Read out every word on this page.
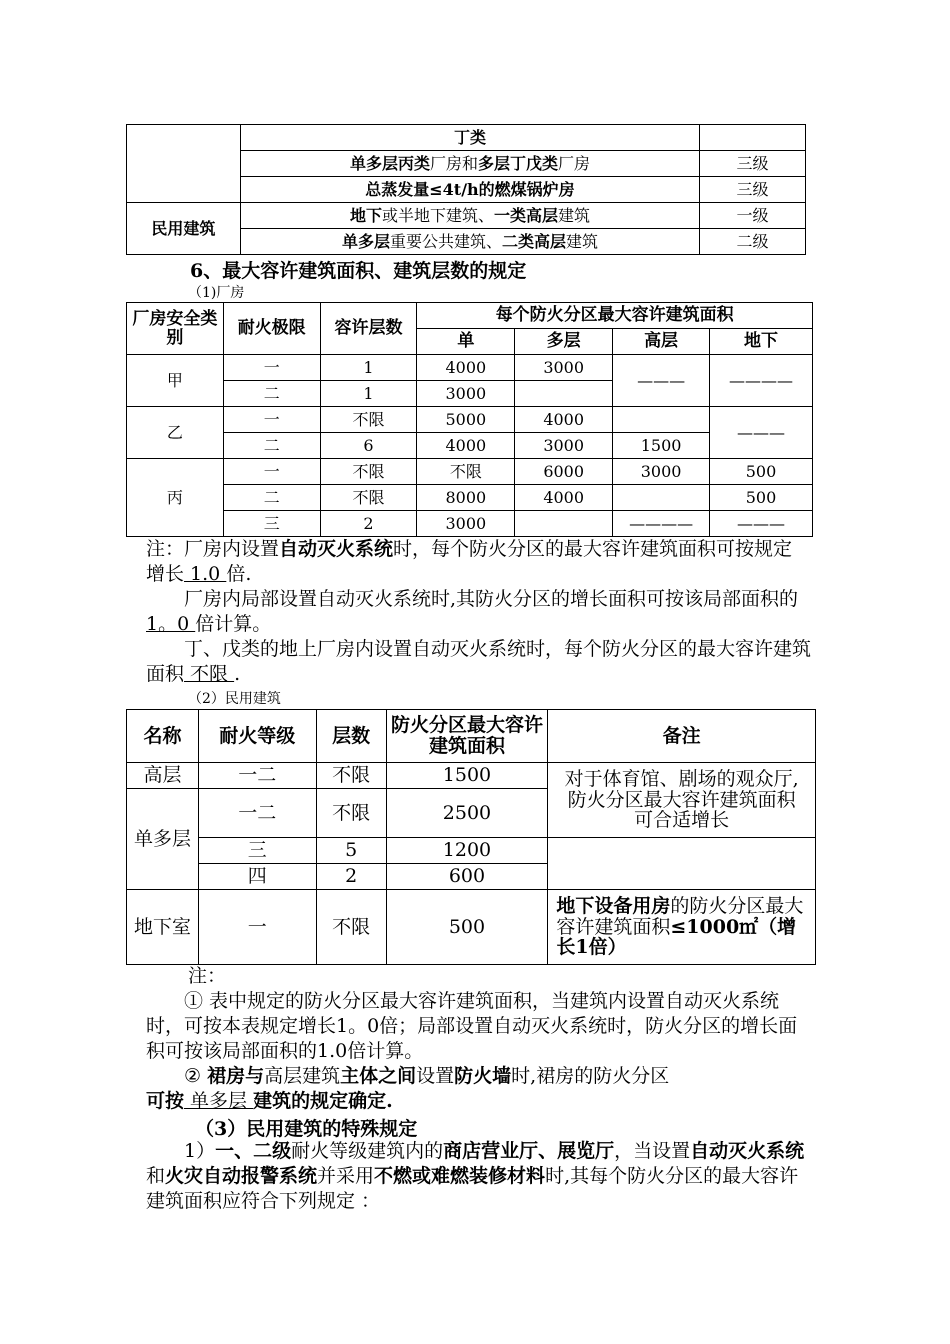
	丁类	
	单多层丙类厂房和多层丁戊类厂房	三级
	总蒸发量≤4t/h的燃煤锅炉房	三级
民用建筑	地下或半地下建筑、一类高层建筑	一级
	单多层重要公共建筑、二类高层建筑	二级
6、最大容许建筑面积、建筑层数的规定
（1)厂房
厂房安全类别	耐火极限	容许层数	每个防火分区最大容许建筑面积			
			单	多层	高层	地下
甲	一	1	4000	3000	———	————
	二	1	3000			
乙	一	不限	5000	4000		———
	二	6	4000	3000	1500	
丙	一	不限	不限	6000	3000	500
	二	不限	8000	4000		500
	三	2	3000		————	———
注：厂房内设置自动灭火系统时，每个防火分区的最大容许建筑面积可按规定增长 1.0 倍.
厂房内局部设置自动灭火系统时,其防火分区的增长面积可按该局部面积的 1。0 倍计算。
丁、戊类的地上厂房内设置自动灭火系统时，每个防火分区的最大容许建筑面积 不限 .
（2）民用建筑
名称	耐火等级	层数	防火分区最大容许建筑面积	备注
高层	一二	不限	1500	对于体育馆、剧场的观众厅,防火分区最大容许建筑面积可合适增长
单多层	一二	不限	2500	
	三	5	1200	
	四	2	600	
地下室	一	不限	500	地下设备用房的防火分区最大容许建筑面积≤1000㎡（增长1倍）
注：
① 表中规定的防火分区最大容许建筑面积，当建筑内设置自动灭火系统时，可按本表规定增长1。0倍；局部设置自动灭火系统时，防火分区的增长面积可按该局部面积的1.0倍计算。
② 裙房与高层建筑主体之间设置防火墙时,裙房的防火分区
可按 单多层 建筑的规定确定.
（3）民用建筑的特殊规定
1）一、二级耐火等级建筑内的商店营业厅、展览厅，当设置自动灭火系统和火灾自动报警系统并采用不燃或难燃装修材料时,其每个防火分区的最大容许建筑面积应符合下列规定 ：
